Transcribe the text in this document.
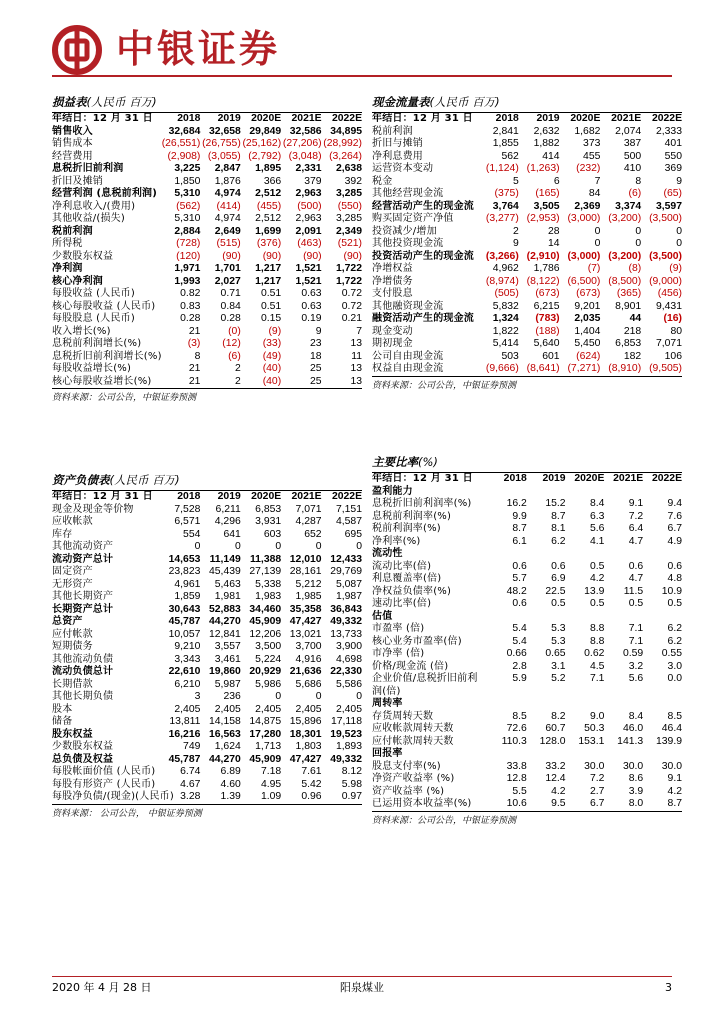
中银证券
损益表(人民币 百万)
年结日：12 月 31 日	2018	2019	2020E	2021E	2022E
销售收入	32,684	32,658	29,849	32,586	34,895
销售成本	(26,551)	(26,755)	(25,162)	(27,206)	(28,992)
经营费用	(2,908)	(3,055)	(2,792)	(3,048)	(3,264)
息税折旧前利润	3,225	2,847	1,895	2,331	2,638
折旧及摊销	1,850	1,876	366	379	392
经营利润 (息税前利润)	5,310	4,974	2,512	2,963	3,285
净利息收入/(费用)	(562)	(414)	(455)	(500)	(550)
其他收益/(损失)	5,310	4,974	2,512	2,963	3,285
税前利润	2,884	2,649	1,699	2,091	2,349
所得税	(728)	(515)	(376)	(463)	(521)
少数股东权益	(120)	(90)	(90)	(90)	(90)
净利润	1,971	1,701	1,217	1,521	1,722
核心净利润	1,993	2,027	1,217	1,521	1,722
每股收益 (人民币)	0.82	0.71	0.51	0.63	0.72
核心每股收益 (人民币)	0.83	0.84	0.51	0.63	0.72
每股股息 (人民币)	0.28	0.28	0.15	0.19	0.21
收入增长(%)	21	(0)	(9)	9	7
息税前利润增长(%)	(3)	(12)	(33)	23	13
息税折旧前利润增长(%)	8	(6)	(49)	18	11
每股收益增长(%)	21	2	(40)	25	13
核心每股收益增长(%)	21	2	(40)	25	13
资料来源：公司公告，中银证券预测
现金流量表(人民币 百万)
年结日：12 月 31 日	2018	2019	2020E	2021E	2022E
税前利润	2,841	2,632	1,682	2,074	2,333
折旧与摊销	1,855	1,882	373	387	401
净利息费用	562	414	455	500	550
运营资本变动	(1,124)	(1,263)	(232)	410	369
税金	5	6	7	8	9
其他经营现金流	(375)	(165)	84	(6)	(65)
经营活动产生的现金流	3,764	3,505	2,369	3,374	3,597
购买固定资产净值	(3,277)	(2,953)	(3,000)	(3,200)	(3,500)
投资减少/增加	2	28	0	0	0
其他投资现金流	9	14	0	0	0
投资活动产生的现金流	(3,266)	(2,910)	(3,000)	(3,200)	(3,500)
净增权益	4,962	1,786	(7)	(8)	(9)
净增债务	(8,974)	(8,122)	(6,500)	(8,500)	(9,000)
支付股息	(505)	(673)	(673)	(365)	(456)
其他融资现金流	5,832	6,215	9,201	8,901	9,431
融资活动产生的现金流	1,324	(783)	2,035	44	(16)
现金变动	1,822	(188)	1,404	218	80
期初现金	5,414	5,640	5,450	6,853	7,071
公司自由现金流	503	601	(624)	182	106
权益自由现金流	(9,666)	(8,641)	(7,271)	(8,910)	(9,505)
资料来源：公司公告，中银证券预测
资产负债表(人民币 百万)
年结日：12 月 31 日	2018	2019	2020E	2021E	2022E
现金及现金等价物	7,528	6,211	6,853	7,071	7,151
应收帐款	6,571	4,296	3,931	4,287	4,587
库存	554	641	603	652	695
其他流动资产	0	0	0	0	0
流动资产总计	14,653	11,149	11,388	12,010	12,433
固定资产	23,823	45,439	27,139	28,161	29,769
无形资产	4,961	5,463	5,338	5,212	5,087
其他长期资产	1,859	1,981	1,983	1,985	1,987
长期资产总计	30,643	52,883	34,460	35,358	36,843
总资产	45,787	44,270	45,909	47,427	49,332
应付帐款	10,057	12,841	12,206	13,021	13,733
短期债务	9,210	3,557	3,500	3,700	3,900
其他流动负债	3,343	3,461	5,224	4,916	4,698
流动负债总计	22,610	19,860	20,929	21,636	22,330
长期借款	6,210	5,987	5,986	5,686	5,586
其他长期负债	3	236	0	0	0
股本	2,405	2,405	2,405	2,405	2,405
储备	13,811	14,158	14,875	15,896	17,118
股东权益	16,216	16,563	17,280	18,301	19,523
少数股东权益	749	1,624	1,713	1,803	1,893
总负债及权益	45,787	44,270	45,909	47,427	49,332
每股帐面价值 (人民币)	6.74	6.89	7.18	7.61	8.12
每股有形资产 (人民币)	4.67	4.60	4.95	5.42	5.98
每股净负债/(现金)(人民币)	3.28	1.39	1.09	0.96	0.97
资料来源： 公司公告， 中银证券预测
主要比率(%)
年结日：12 月 31 日	2018	2019	2020E	2021E	2022E
盈利能力					
息税折旧前利润率(%)	16.2	15.2	8.4	9.1	9.4
息税前利润率(%)	9.9	8.7	6.3	7.2	7.6
税前利润率(%)	8.7	8.1	5.6	6.4	6.7
净利率(%)	6.1	6.2	4.1	4.7	4.9
流动性					
流动比率(倍)	0.6	0.6	0.5	0.6	0.6
利息覆盖率(倍)	5.7	6.9	4.2	4.7	4.8
净权益负债率(%)	48.2	22.5	13.9	11.5	10.9
速动比率(倍)	0.6	0.5	0.5	0.5	0.5
估值					
市盈率 (倍)	5.4	5.3	8.8	7.1	6.2
核心业务市盈率(倍)	5.4	5.3	8.8	7.1	6.2
市净率 (倍)	0.66	0.65	0.62	0.59	0.55
价格/现金流 (倍)	2.8	3.1	4.5	3.2	3.0
企业价值/息税折旧前利	5.9	5.2	7.1	5.6	0.0
润(倍)					
周转率					
存货周转天数	8.5	8.2	9.0	8.4	8.5
应收帐款周转天数	72.6	60.7	50.3	46.0	46.4
应付帐款周转天数	110.3	128.0	153.1	141.3	139.9
回报率					
股息支付率(%)	33.8	33.2	30.0	30.0	30.0
净资产收益率 (%)	12.8	12.4	7.2	8.6	9.1
资产收益率 (%)	5.5	4.2	2.7	3.9	4.2
已运用资本收益率(%)	10.6	9.5	6.7	8.0	8.7
资料来源：公司公告，中银证券预测
2020 年 4 月 28 日	阳泉煤业	3
